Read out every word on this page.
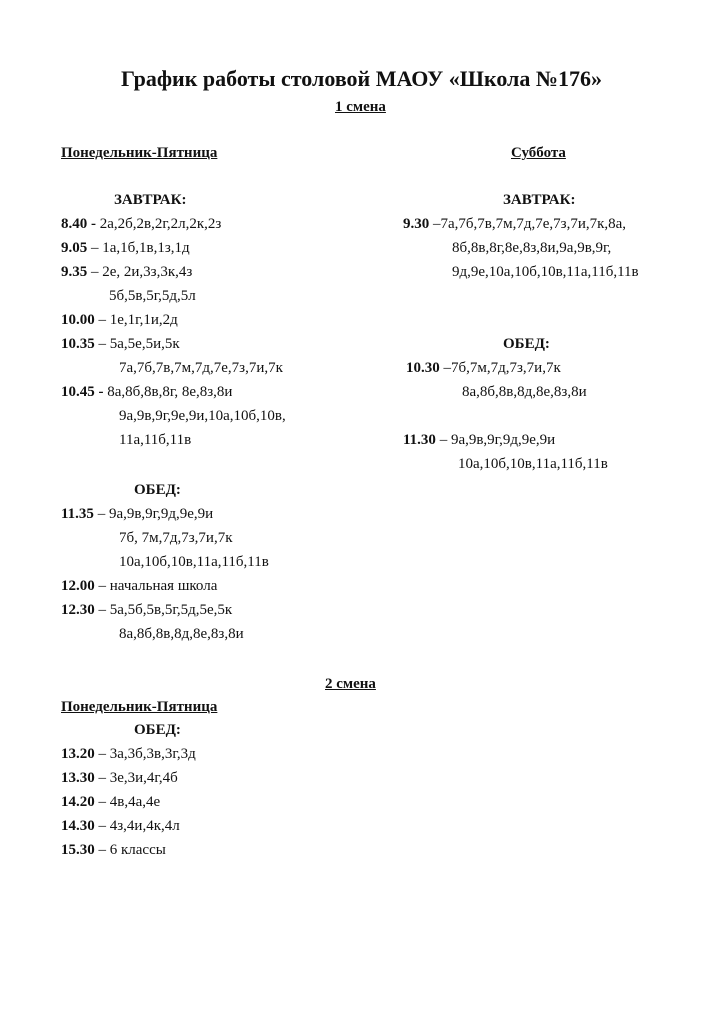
График работы столовой МАОУ «Школа №176»
1 смена
Понедельник-Пятница
ЗАВТРАК:
8.40 - 2а,2б,2в,2г,2л,2к,2з
9.05 – 1а,1б,1в,1з,1д
9.35 – 2е, 2и,3з,3к,4з
5б,5в,5г,5д,5л
10.00 – 1е,1г,1и,2д
10.35 – 5а,5е,5и,5к
7а,7б,7в,7м,7д,7е,7з,7и,7к
10.45 - 8а,8б,8в,8г, 8е,8з,8и
9а,9в,9г,9е,9и,10а,10б,10в,
11а,11б,11в
ОБЕД:
11.35 – 9а,9в,9г,9д,9е,9и
7б, 7м,7д,7з,7и,7к
10а,10б,10в,11а,11б,11в
12.00 – начальная школа
12.30 – 5а,5б,5в,5г,5д,5е,5к
8а,8б,8в,8д,8е,8з,8и
Суббота
ЗАВТРАК:
9.30 –7а,7б,7в,7м,7д,7е,7з,7и,7к,8а,
8б,8в,8г,8е,8з,8и,9а,9в,9г,
9д,9е,10а,10б,10в,11а,11б,11в
ОБЕД:
10.30 –7б,7м,7д,7з,7и,7к
8а,8б,8в,8д,8е,8з,8и
11.30 – 9а,9в,9г,9д,9е,9и
10а,10б,10в,11а,11б,11в
2 смена
Понедельник-Пятница
ОБЕД:
13.20 – 3а,3б,3в,3г,3д
13.30 – 3е,3и,4г,4б
14.20 – 4в,4а,4е
14.30 – 4з,4и,4к,4л
15.30 – 6 классы
